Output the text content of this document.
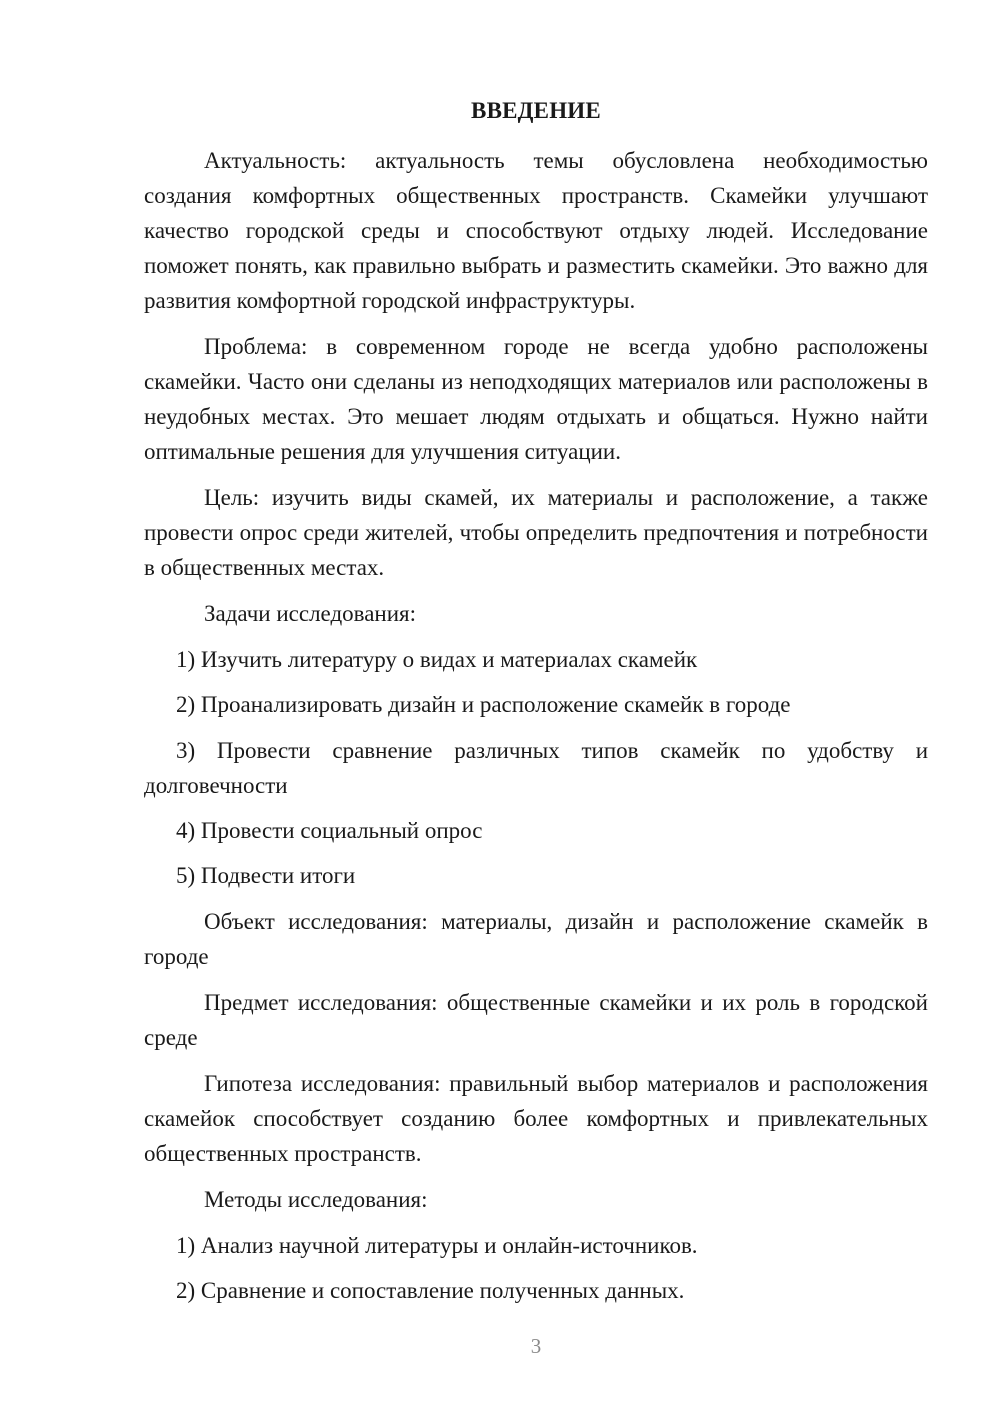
ВВЕДЕНИЕ

Актуальность: актуальность темы обусловлена необходимостью создания комфортных общественных пространств. Скамейки улучшают качество городской среды и способствуют отдыху людей. Исследование поможет понять, как правильно выбрать и разместить скамейки. Это важно для развития комфортной городской инфраструктуры.

Проблема: в современном городе не всегда удобно расположены скамейки. Часто они сделаны из неподходящих материалов или расположены в неудобных местах. Это мешает людям отдыхать и общаться. Нужно найти оптимальные решения для улучшения ситуации.

Цель: изучить виды скамей, их материалы и расположение, а также провести опрос среди жителей, чтобы определить предпочтения и потребности в общественных местах.

Задачи исследования:

1) Изучить литературу о видах и материалах скамейк

2) Проанализировать дизайн и расположение скамейк в городе

3) Провести сравнение различных типов скамейк по удобству и долговечности

4) Провести социальный опрос

5) Подвести итоги

Объект исследования: материалы, дизайн и расположение скамейк в городе

Предмет исследования: общественные скамейки и их роль в городской среде

Гипотеза исследования: правильный выбор материалов и расположения скамейок способствует созданию более комфортных и привлекательных общественных пространств.

Методы исследования:

1) Анализ научной литературы и онлайн-источников.

2) Сравнение и сопоставление полученных данных.

3
